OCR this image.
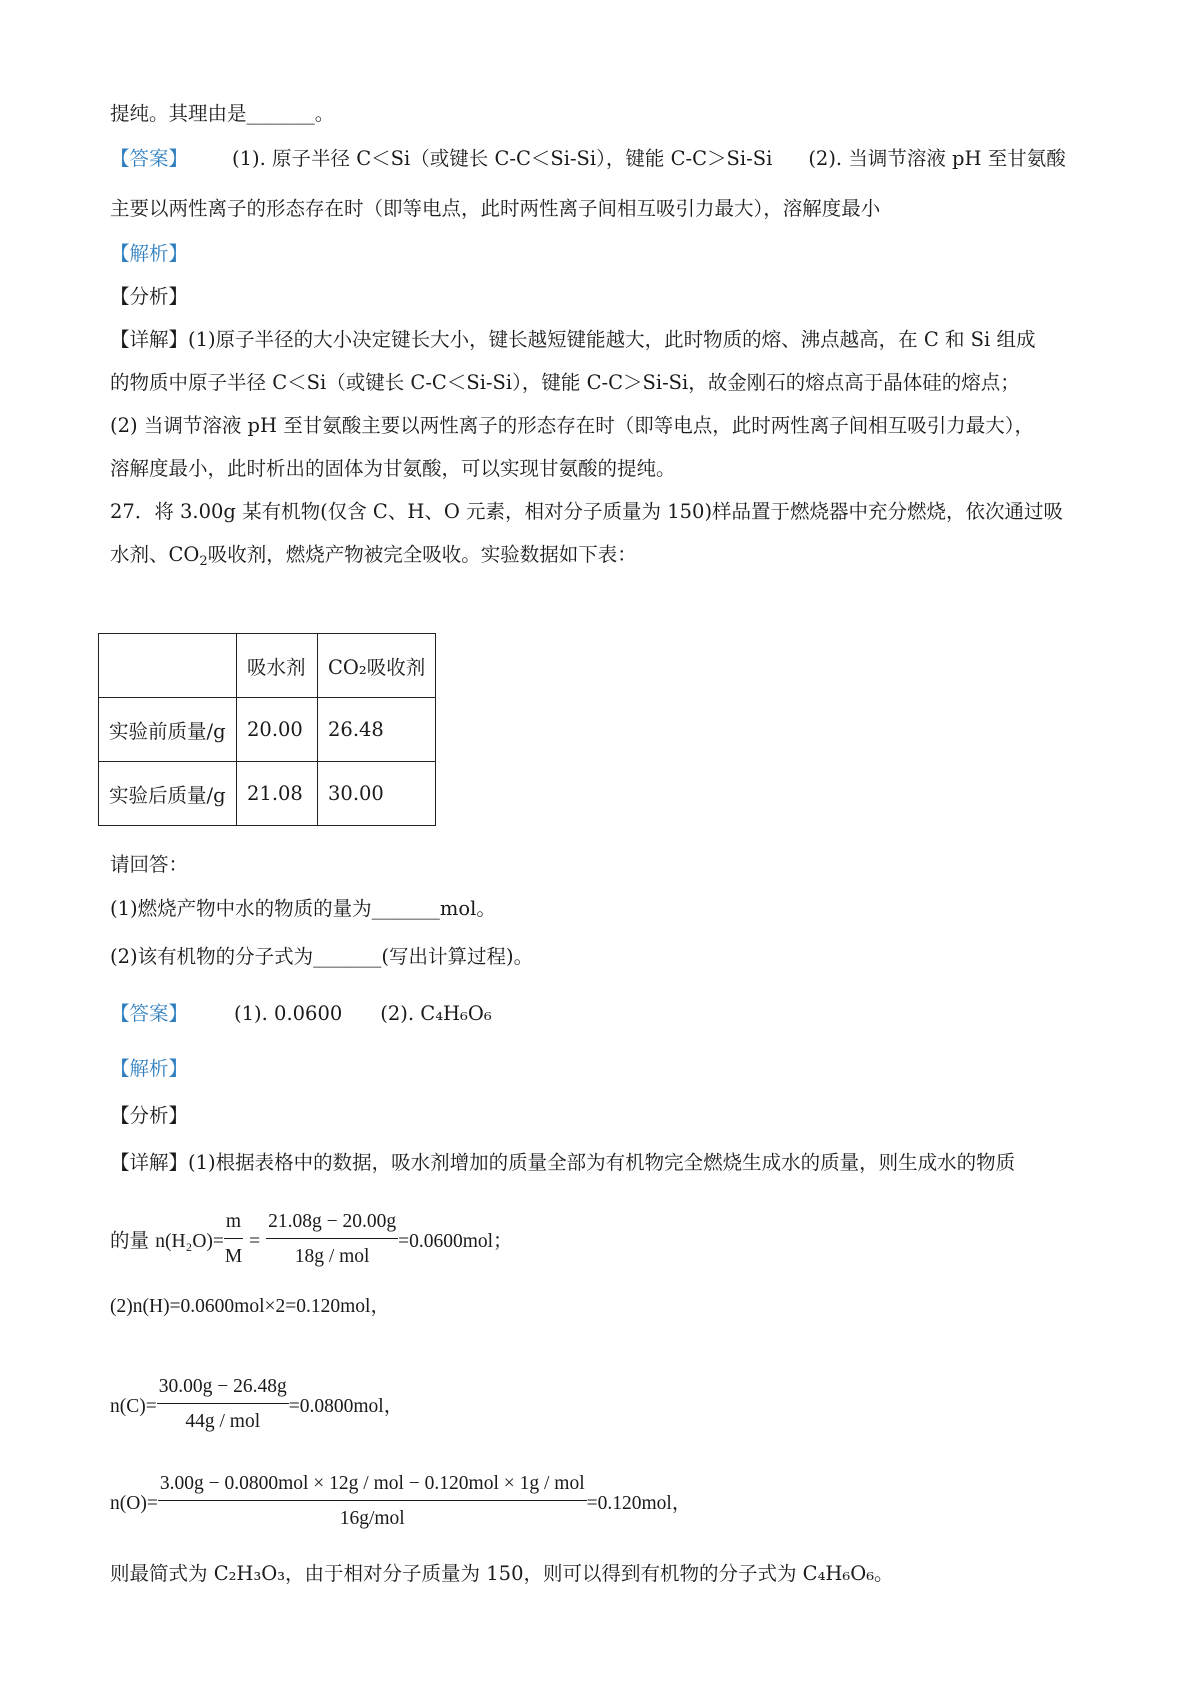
提纯。其理由是_______。
【答案】 (1). 原子半径 C＜Si（或键长 C-C＜Si-Si），键能 C-C＞Si-Si (2). 当调节溶液 pH 至甘氨酸
主要以两性离子的形态存在时（即等电点，此时两性离子间相互吸引力最大），溶解度最小
【解析】
【分析】
【详解】(1)原子半径的大小决定键长大小，键长越短键能越大，此时物质的熔、沸点越高，在 C 和 Si 组成
的物质中原子半径 C＜Si（或键长 C-C＜Si-Si），键能 C-C＞Si-Si，故金刚石的熔点高于晶体硅的熔点；
(2) 当调节溶液 pH 至甘氨酸主要以两性离子的形态存在时（即等电点，此时两性离子间相互吸引力最大），
溶解度最小，此时析出的固体为甘氨酸，可以实现甘氨酸的提纯。
27．将 3.00g 某有机物(仅含 C、H、O 元素，相对分子质量为 150)样品置于燃烧器中充分燃烧，依次通过吸
水剂、$CO_2$吸收剂，燃烧产物被完全吸收。实验数据如下表：
	吸水剂	CO₂吸收剂
实验前质量/g	20.00	26.48
实验后质量/g	21.08	30.00
请回答：
(1)燃烧产物中水的物质的量为_______mol。
(2)该有机物的分子式为_______(写出计算过程)。
【答案】 (1). 0.0600 (2). C₄H₆O₆
【解析】
【分析】
【详解】(1)根据表格中的数据，吸水剂增加的质量全部为有机物完全燃烧生成水的质量，则生成水的物质
的量 $n(H_2O)= \frac{m}{M} = \frac{21.08g - 20.00g}{\text{18g / mol}} =0.0600mol$；
(2)n(H)=0.0600mol×2=0.120mol，
$n(C)= \frac{30.00g - 26.48g}{\text{44g / mol}} =0.0800mol$，
$n(O)= \frac{\text{3.00g − 0.0800mol × 12g / mol − 0.120mol × 1g / mol}}{\text{16g/mol}} =0.120mol$，
则最简式为 C₂H₃O₃，由于相对分子质量为 150，则可以得到有机物的分子式为 C₄H₆O₆。
